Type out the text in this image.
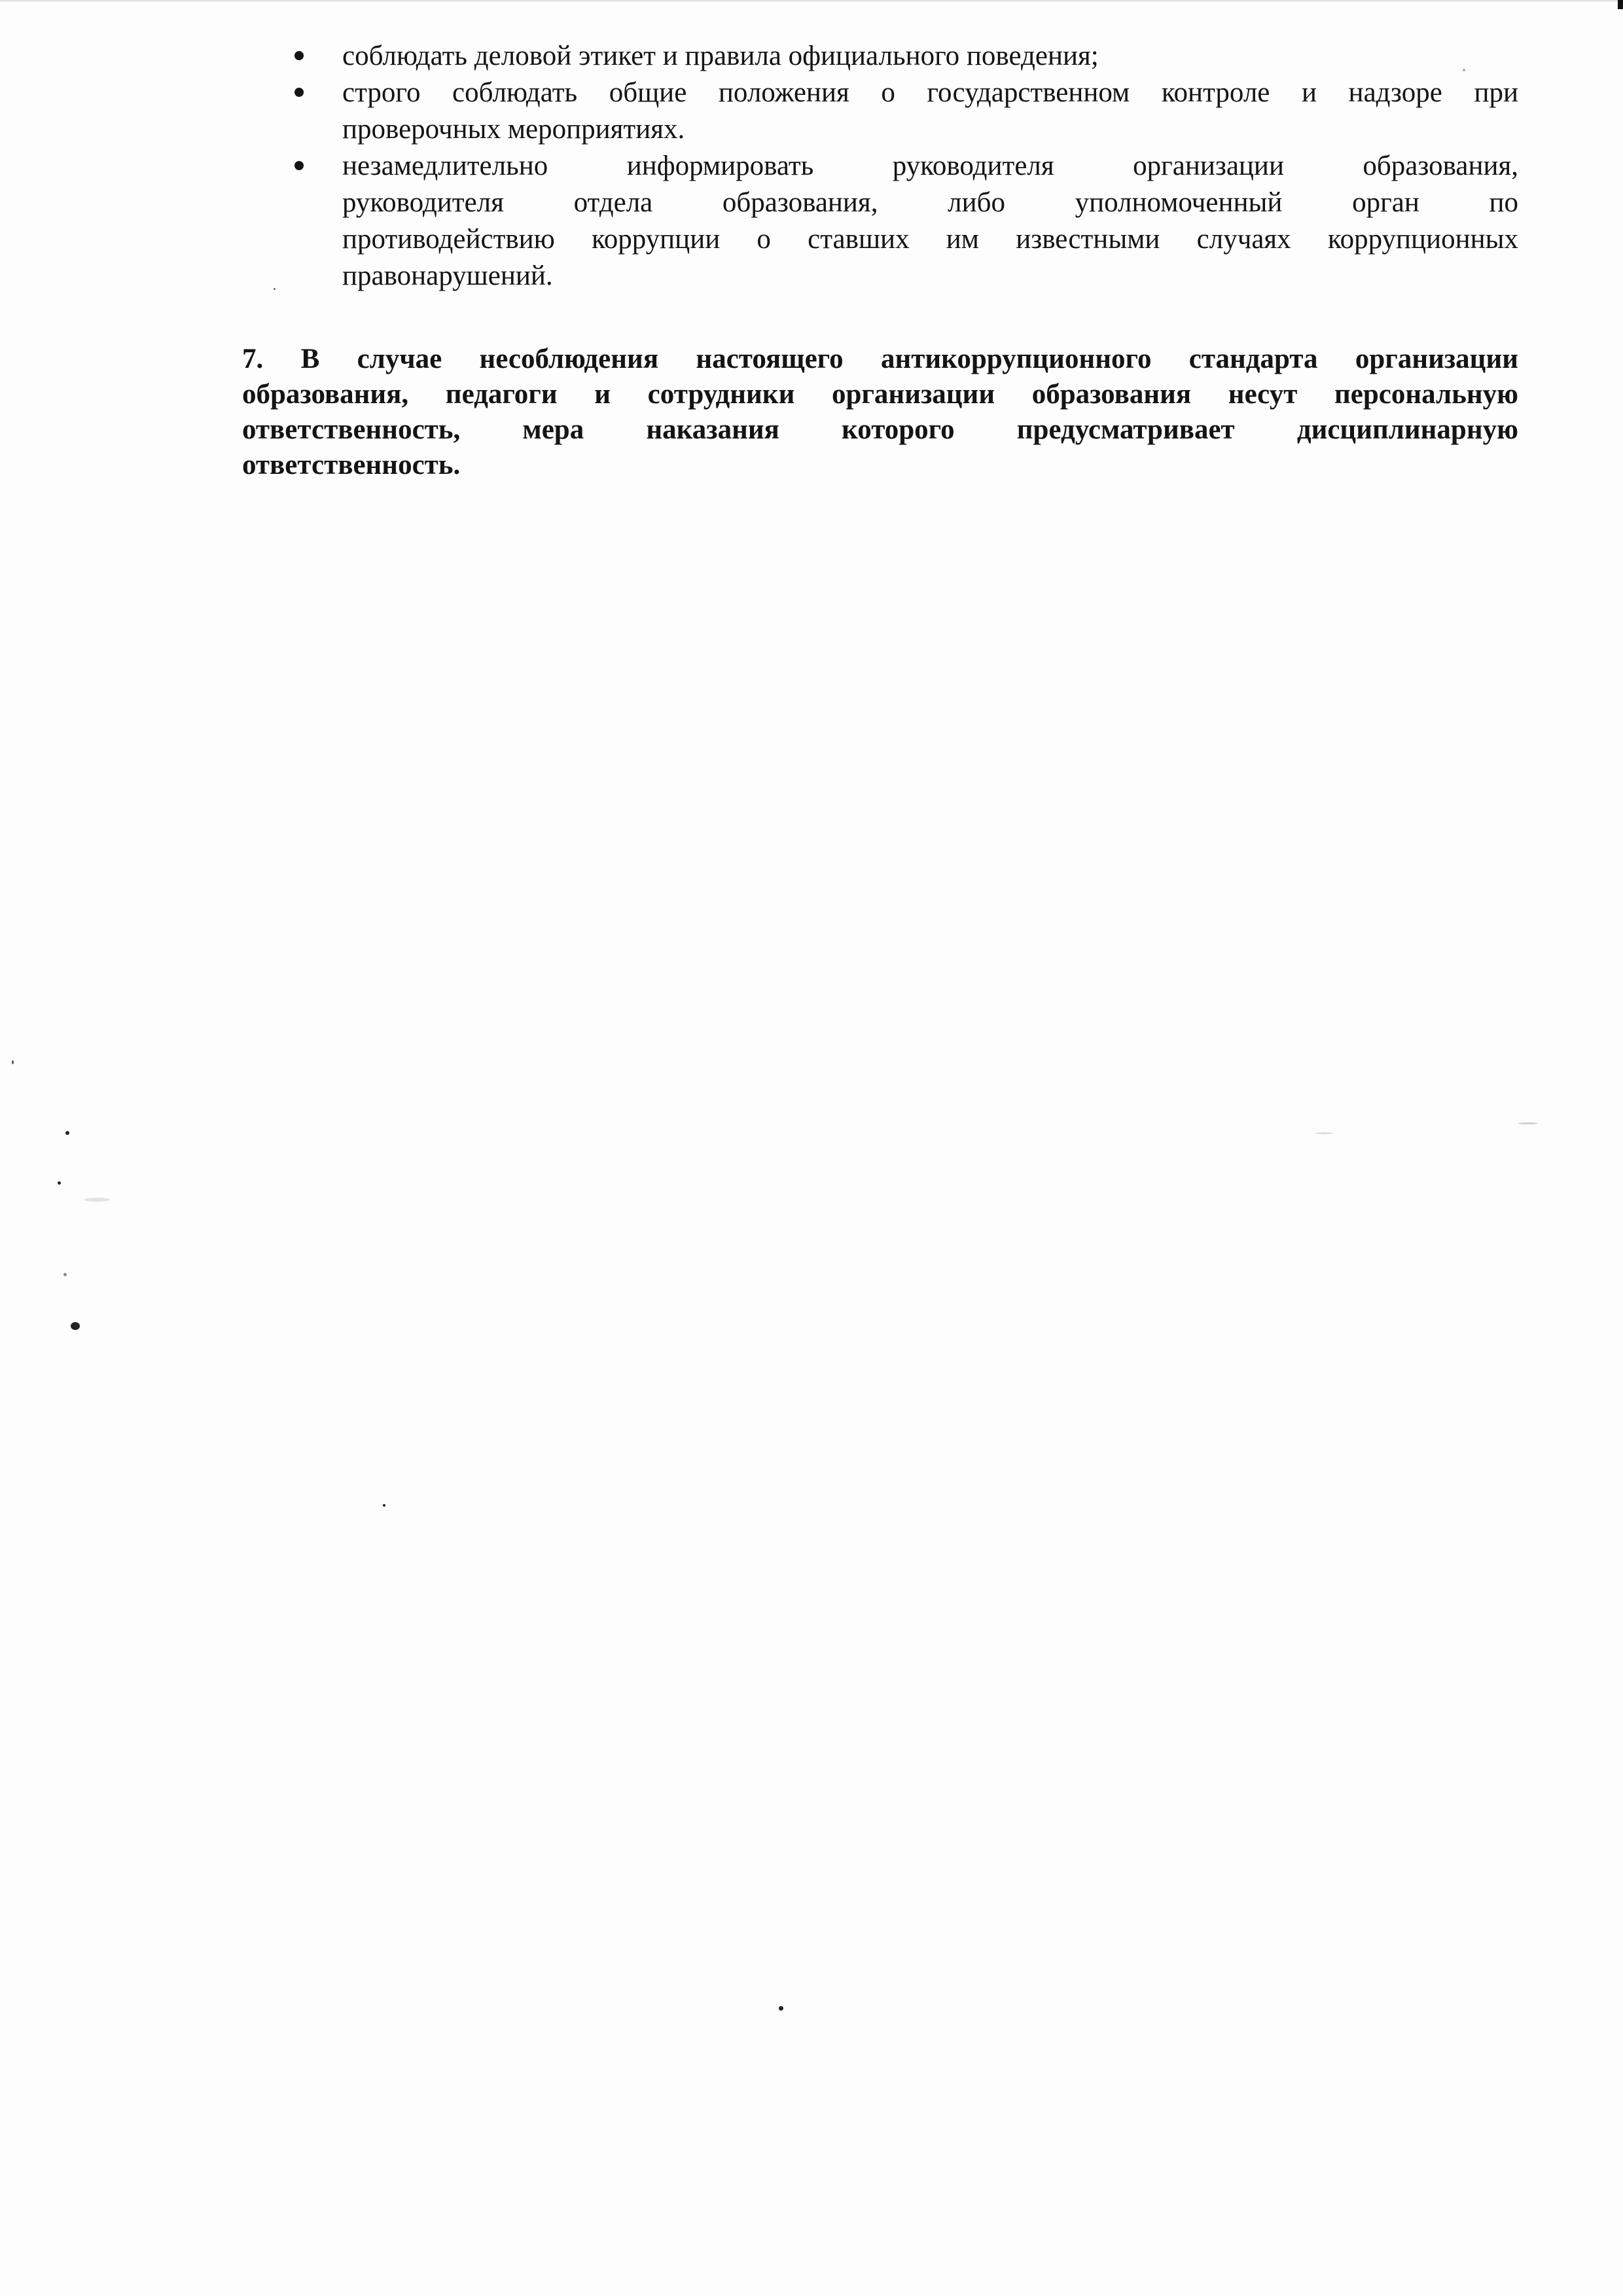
соблюдать деловой этикет и правила официального поведения;
строго соблюдать общие положения о государственном контроле и надзоре при
проверочных мероприятиях.
незамедлительно информировать руководителя организации образования,
руководителя отдела образования, либо уполномоченный орган по
противодействию коррупции о ставших им известными случаях коррупционных
правонарушений.

7. В случае несоблюдения настоящего антикоррупционного стандарта организации
образования, педагоги и сотрудники организации образования несут персональную
ответственность, мера наказания которого предусматривает дисциплинарную
ответственность.
